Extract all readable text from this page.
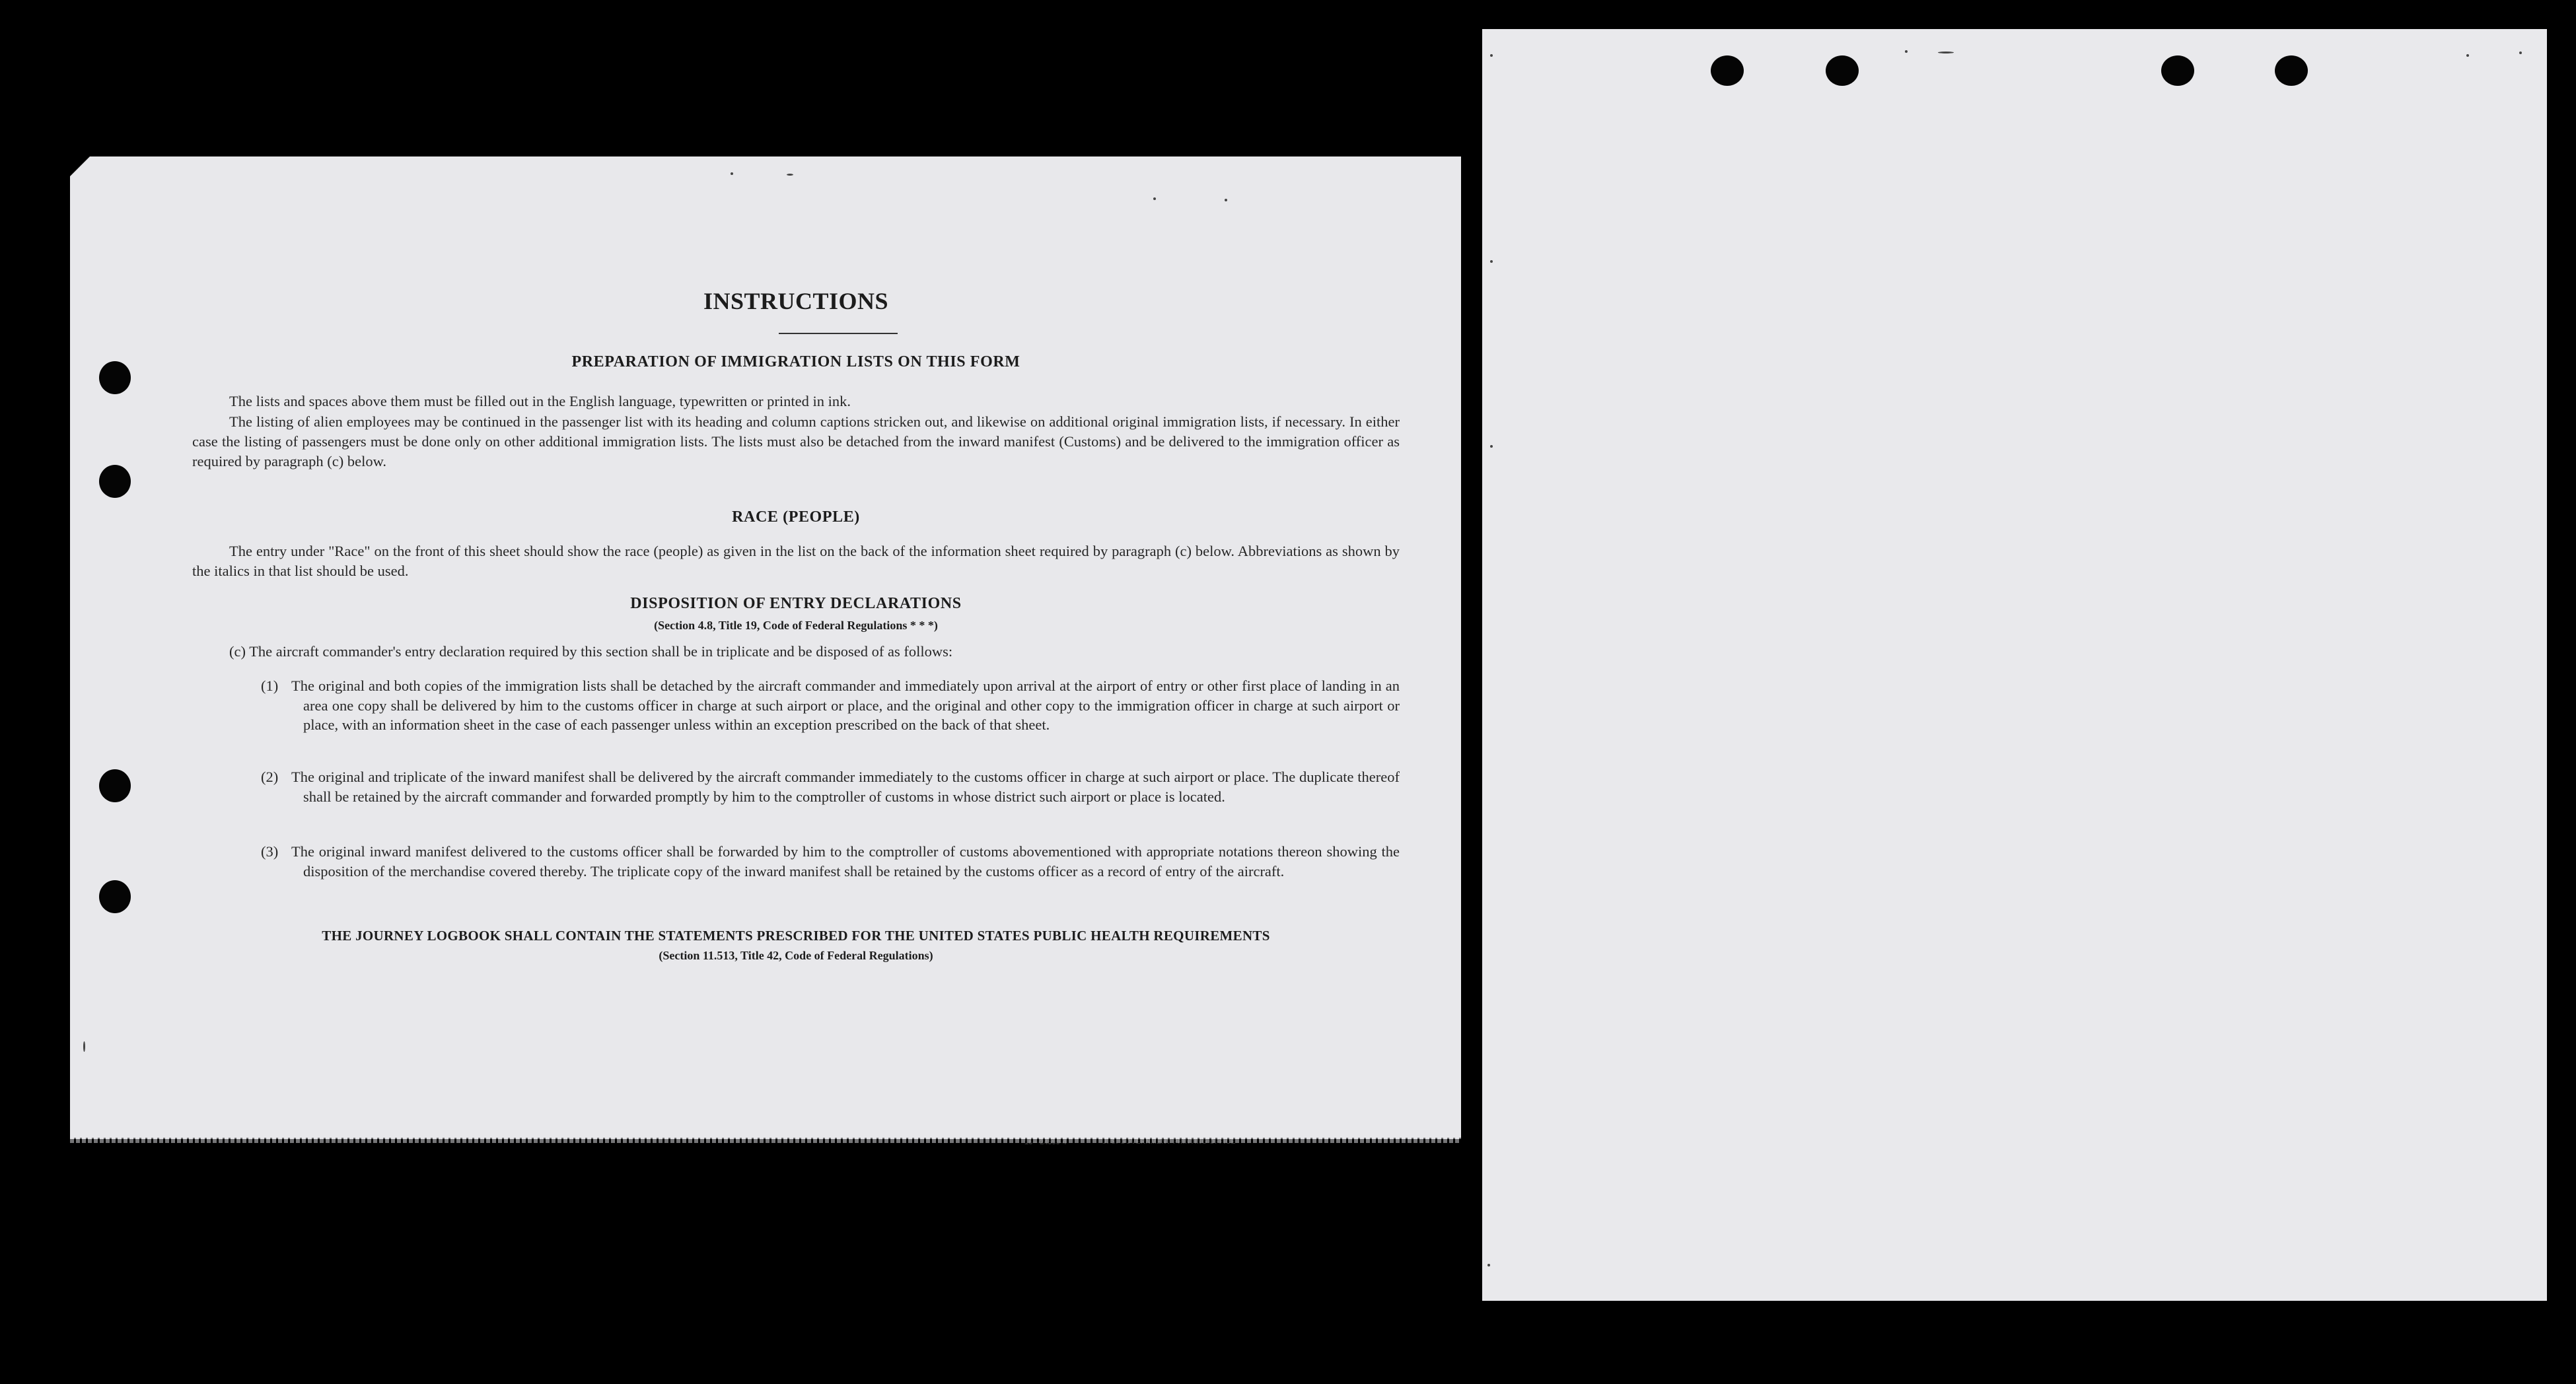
INSTRUCTIONS
PREPARATION OF IMMIGRATION LISTS ON THIS FORM
The lists and spaces above them must be filled out in the English language, typewritten or printed in ink.
The listing of alien employees may be continued in the passenger list with its heading and column captions stricken out, and likewise on additional original immigration lists, if necessary. In either case the listing of passengers must be done only on other additional immigration lists. The lists must also be detached from the inward manifest (Customs) and be delivered to the immigration officer as required by paragraph (c) below.
RACE (PEOPLE)
The entry under "Race" on the front of this sheet should show the race (people) as given in the list on the back of the information sheet required by paragraph (c) below. Abbreviations as shown by the italics in that list should be used.
DISPOSITION OF ENTRY DECLARATIONS
(Section 4.8, Title 19, Code of Federal Regulations * * *)
(c) The aircraft commander's entry declaration required by this section shall be in triplicate and be disposed of as follows:
(1) The original and both copies of the immigration lists shall be detached by the aircraft commander and immediately upon arrival at the airport of entry or other first place of landing in an area one copy shall be delivered by him to the customs officer in charge at such airport or place, and the original and other copy to the immigration officer in charge at such airport or place, with an information sheet in the case of each passenger unless within an exception prescribed on the back of that sheet.
(2) The original and triplicate of the inward manifest shall be delivered by the aircraft commander immediately to the customs officer in charge at such airport or place. The duplicate thereof shall be retained by the aircraft commander and forwarded promptly by him to the comptroller of customs in whose district such airport or place is located.
(3) The original inward manifest delivered to the customs officer shall be forwarded by him to the comptroller of customs abovementioned with appropriate notations thereon showing the disposition of the merchandise covered thereby. The triplicate copy of the inward manifest shall be retained by the customs officer as a record of entry of the aircraft.
THE JOURNEY LOGBOOK SHALL CONTAIN THE STATEMENTS PRESCRIBED FOR THE UNITED STATES PUBLIC HEALTH REQUIREMENTS
(Section 11.513, Title 42, Code of Federal Regulations)
